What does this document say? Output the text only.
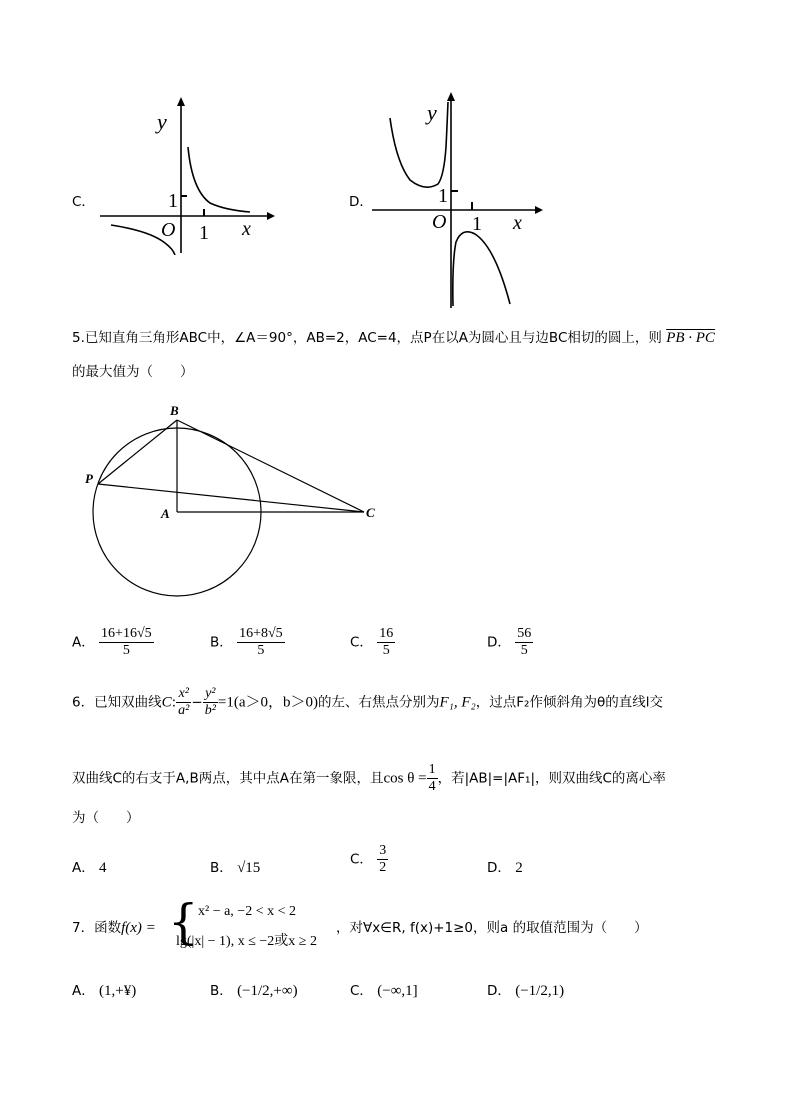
C．
y
x
O 1
1	D．
y
x
O 1
1
5.已知直角三角形ABC中，∠A＝90°，AB=2，AC=4，点P在以A为圆心且与边BC相切的圆上，则 PB · PC
的最大值为（　　）
B
A	C
P
A． $\frac{16+16√5}{5}$	B． $\frac{16+8√5}{5}$	C． $\frac{16}{5}$	D． $\frac{56}{5}$
6．已知双曲线C: $\frac{\text{x²}}{\text{a²}} - \frac{\text{y²}}{\text{b²}} =1(a>0$，b＞0)的左、右焦点分别为F₁, F₂，过点F₂作倾斜角为θ的直线l交
双曲线C的右支于A,B两点，其中点A在第一象限，且$\cos \theta = \frac{1}{4}$ ，若|AB|=|AF₁|，则双曲线C的离心率
为（　　）
A． 4	B． √15
C． $\frac{3}{2}$	D． 2
7．函数f(x) = { x² − a, −2 < x < 2
lg(|x| − 1), x ≤ −2或x ≥ 2
，对∀x∈R, f(x)+1≥0，则a 的取值范围为（　　）
A． (1,+¥)	B． (−1/2,+∞)	C． (−∞,1]	D． (−1/2,1)
